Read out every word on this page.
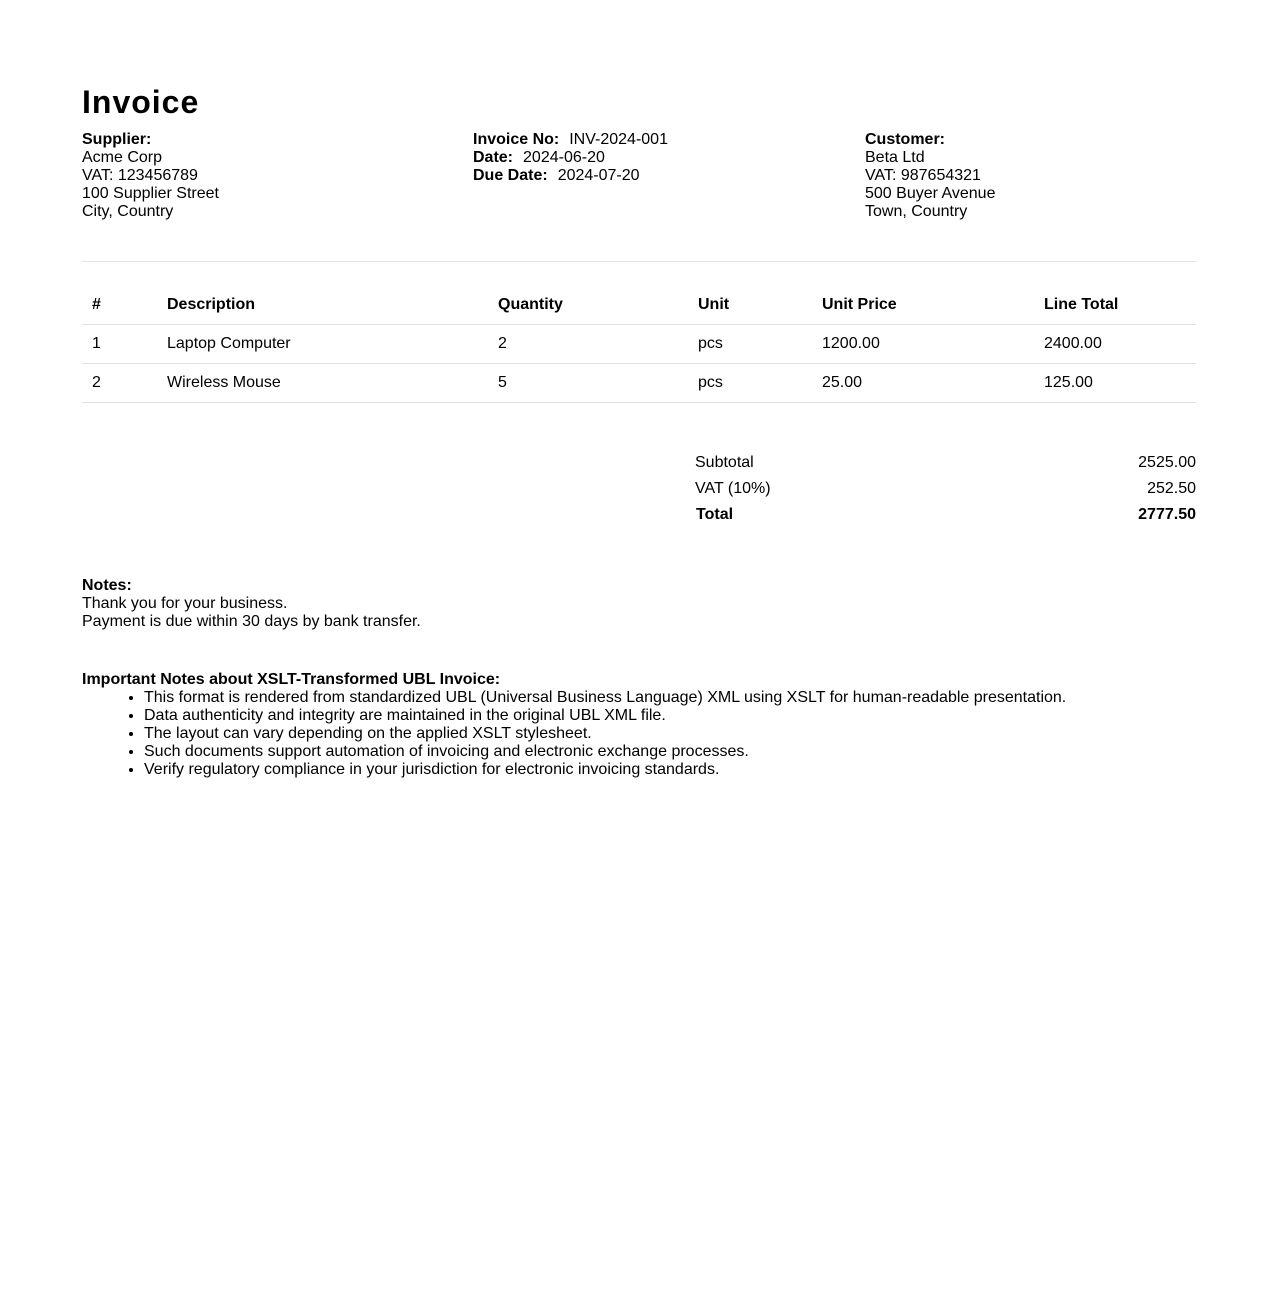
Invoice
Supplier:
Acme Corp
VAT: 123456789
100 Supplier Street
City, Country
Invoice No: INV-2024-001
Date: 2024-06-20
Due Date: 2024-07-20
Customer:
Beta Ltd
VAT: 987654321
500 Buyer Avenue
Town, Country
#	Description	Quantity	Unit	Unit Price	Line Total
1	Laptop Computer	2	pcs	1200.00	2400.00
2	Wireless Mouse	5	pcs	25.00	125.00
Subtotal	2525.00
VAT (10%)	252.50
Total	2777.50
Notes:
Thank you for your business.
Payment is due within 30 days by bank transfer.
Important Notes about XSLT-Transformed UBL Invoice:
• This format is rendered from standardized UBL (Universal Business Language) XML using XSLT for human-readable presentation.
• Data authenticity and integrity are maintained in the original UBL XML file.
• The layout can vary depending on the applied XSLT stylesheet.
• Such documents support automation of invoicing and electronic exchange processes.
• Verify regulatory compliance in your jurisdiction for electronic invoicing standards.
